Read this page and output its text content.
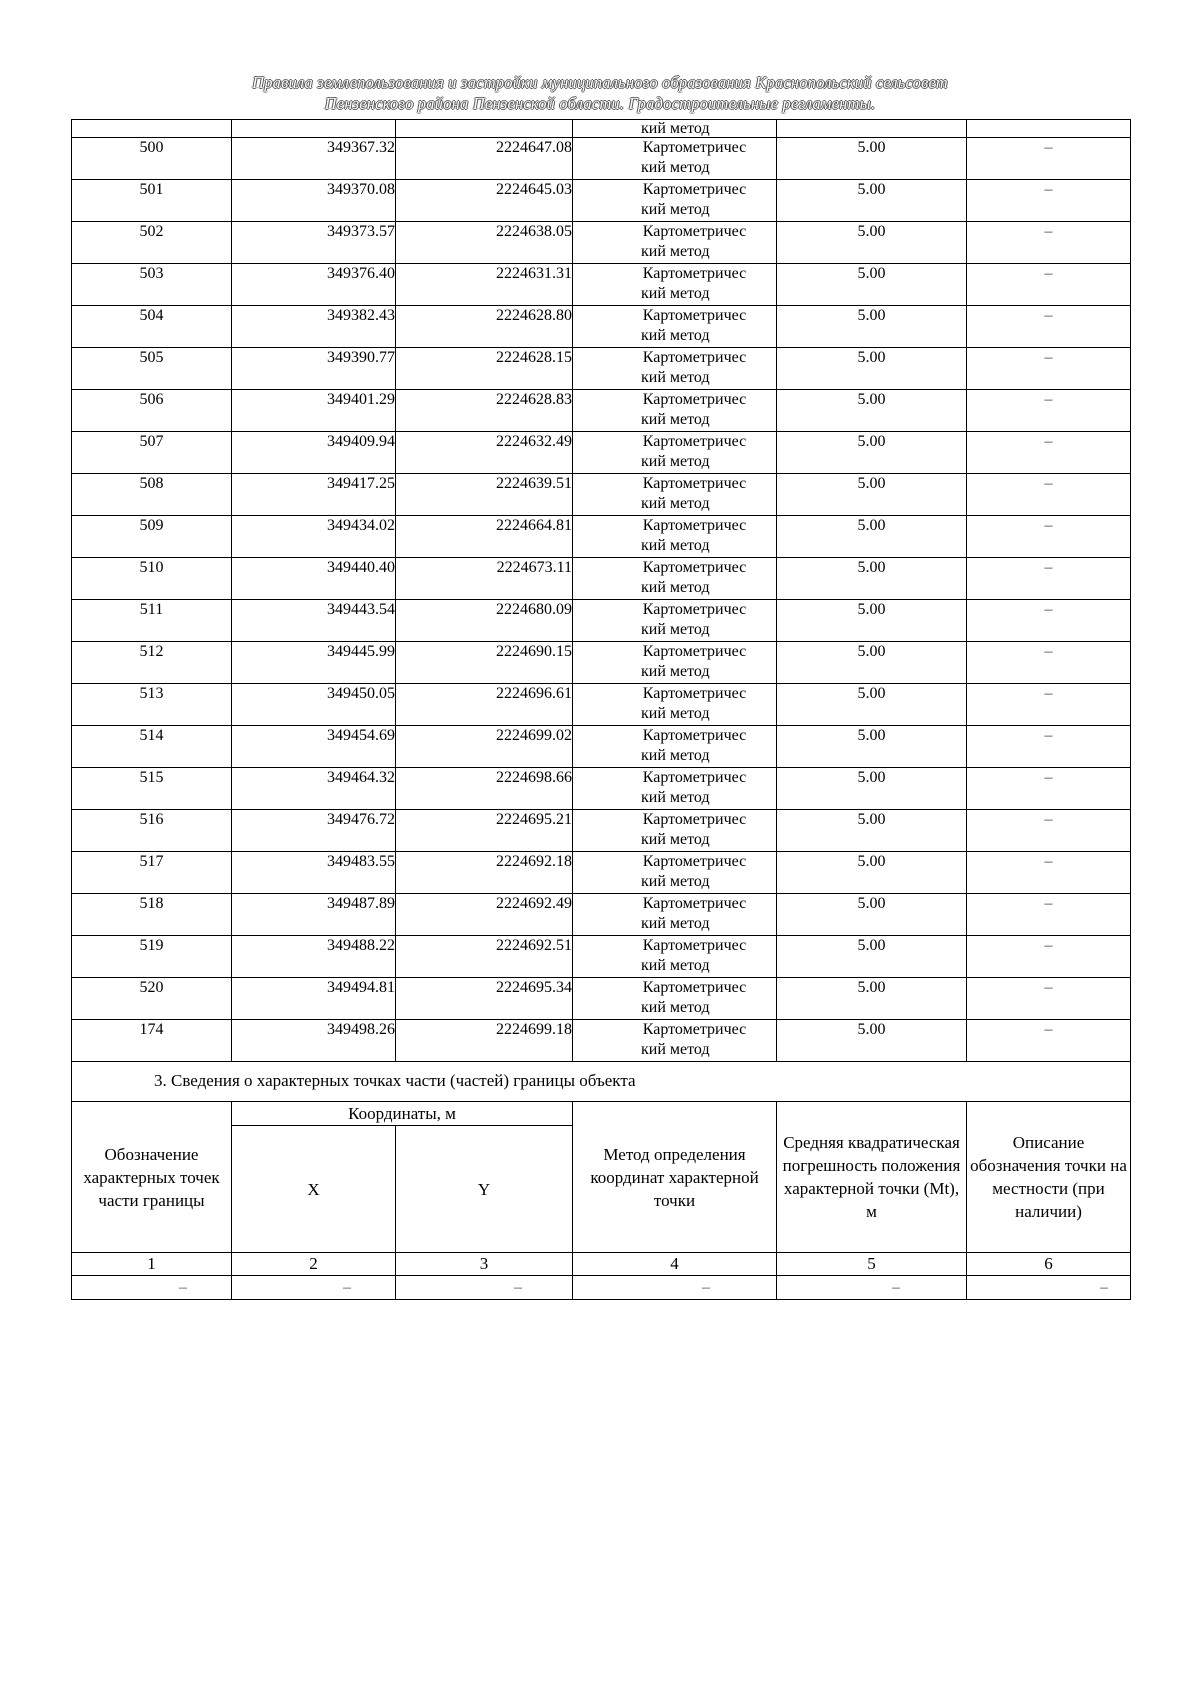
Правила землепользования и застройки муниципального образования Краснопольский сельсовет
Пензенского района Пензенской области. Градостроительные регламенты.

			кий метод		

500	349367.32	2224647.08	Картометричес
кий метод	5.00	–
501	349370.08	2224645.03	Картометричес
кий метод	5.00	–
502	349373.57	2224638.05	Картометричес
кий метод	5.00	–
503	349376.40	2224631.31	Картометричес
кий метод	5.00	–
504	349382.43	2224628.80	Картометричес
кий метод	5.00	–
505	349390.77	2224628.15	Картометричес
кий метод	5.00	–
506	349401.29	2224628.83	Картометричес
кий метод	5.00	–
507	349409.94	2224632.49	Картометричес
кий метод	5.00	–
508	349417.25	2224639.51	Картометричес
кий метод	5.00	–
509	349434.02	2224664.81	Картометричес
кий метод	5.00	–
510	349440.40	2224673.11	Картометричес
кий метод	5.00	–
511	349443.54	2224680.09	Картометричес
кий метод	5.00	–
512	349445.99	2224690.15	Картометричес
кий метод	5.00	–
513	349450.05	2224696.61	Картометричес
кий метод	5.00	–
514	349454.69	2224699.02	Картометричес
кий метод	5.00	–
515	349464.32	2224698.66	Картометричес
кий метод	5.00	–
516	349476.72	2224695.21	Картометричес
кий метод	5.00	–
517	349483.55	2224692.18	Картометричес
кий метод	5.00	–
518	349487.89	2224692.49	Картометричес
кий метод	5.00	–
519	349488.22	2224692.51	Картометричес
кий метод	5.00	–
520	349494.81	2224695.34	Картометричес
кий метод	5.00	–
174	349498.26	2224699.18	Картометричес
кий метод	5.00	–
3. Сведения о характерных точках части (частей) границы объекта					
Обозначение характерных точек части границы	Координаты, м		Метод определения координат характерной точки	Средняя квадратическая погрешность положения характерной точки (Mt), м	Описание обозначения точки на местности (при наличии)
	X	Y			
1	2	3	4	5	6
–	–	–	–	–	–
